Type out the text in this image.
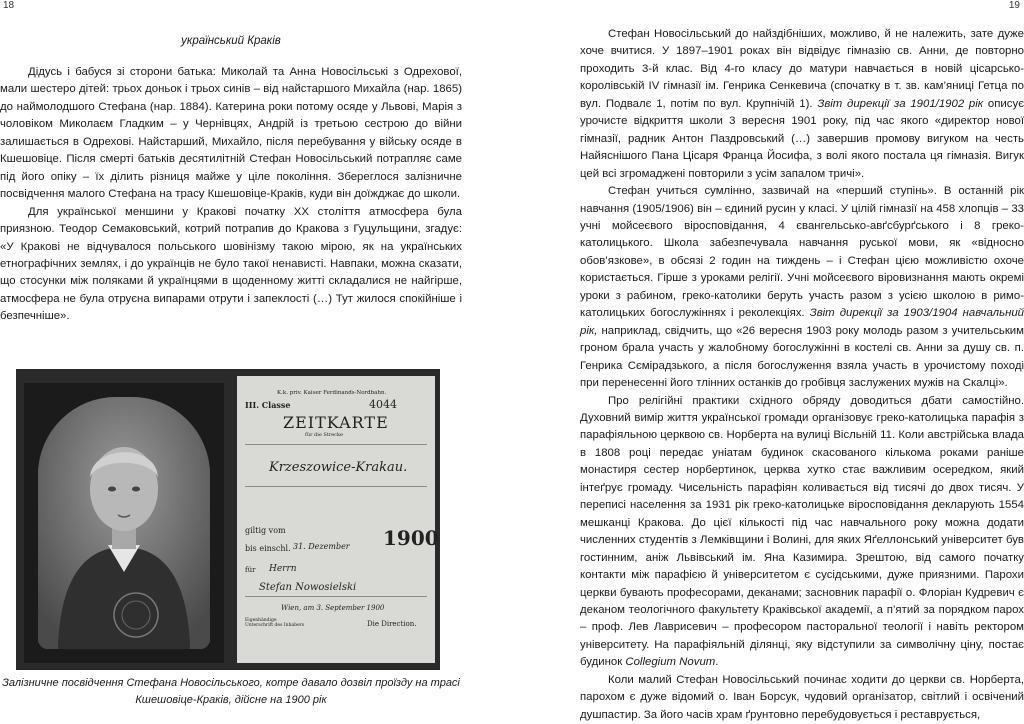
18
український Краків

Дідусь і бабуся зі сторони батька: Миколай та Анна Новосільські з Одрехової, мали шестеро дітей: трьох доньок і трьох синів – від найстаршого Михайла (нар. 1865) до наймолодшого Стефана (нар. 1884). Катерина роки потому осяде у Львові, Марія з чоловіком Миколаєм Гладким – у Чернівцях, Андрій із третьою сестрою до війни залишається в Одрехові. Найстарший, Михайло, після перебування у війську осяде в Кшешовіце. Після смерті батьків десятилітній Стефан Новосільський потрапляє саме під його опіку – їх ділить різниця майже у ціле покоління. Збереглося залізничне посвідчення малого Стефана на трасу Кшешовіце-Краків, куди він доїжджає до школи.

Для української меншини у Кракові початку XX століття атмосфера була приязною. Теодор Семаковський, котрий потрапив до Кракова з Гуцульщини, згадує: «У Кракові не відчувалося польського шовінізму такою мірою, як на українських етнографічних землях, і до українців не було такої ненависті. Навпаки, можна сказати, що стосунки між поляками й українцями в щоденному житті складалися не найгірше, атмосфера не була отруєна випарами отрути і запеклості (…) Тут жилося спокійніше і безпечніше».

K.k. priv. Kaiser Ferdinands-Nordbahn.
III. Classe	4044
ZEITKARTE
für die Strecke
Krzeszowice-Krakau.
giltig vom
bis einschl. 31. Dezember 1900
für Herrn
Stefan Nowosielski
Wien, am 3. September 1900
Eigenhändige Unterschrift des Inhabers	Die Direction.
Залізничне посвідчення Стефана Новосільського, котре давало дозвіл проїзду на трасі Кшешовіце-Краків, дійсне на 1900 рік
19

Стефан Новосільський до найздібніших, можливо, й не належить, зате дуже хоче вчитися. У 1897–1901 роках він відвідує гімназію св. Анни, де повторно проходить 3-й клас. Від 4-го класу до матури навчається в новій цісарсько-королівській IV гімназії ім. Генрика Сенкевича (спочатку в т. зв. кам’яниці Гетца по вул. Подвалє 1, потім по вул. Крупнічій 1). Звіт дирекції за 1901/1902 рік описує урочисте відкриття школи 3 вересня 1901 року, під час якого «директор нової гімназії, радник Антон Паздровський (…) завершив промову вигуком на честь Найяснішого Пана Цісаря Франца Йосифа, з волі якого постала ця гімназія. Вигук цей всі згромаджені повторили з усім запалом тричі».

Стефан учиться сумлінно, зазвичай на «перший ступінь». В останній рік навчання (1905/1906) він – єдиний русин у класі. У цілій гімназії на 458 хлопців – 33 учні мойсеєвого віросповідання, 4 євангельсько-авґсбурґського і 8 греко-католицького. Школа забезпечувала навчання руської мови, як «відносно обов’язкове», в обсязі 2 годин на тиждень – і Стефан цією можливістю охоче користається. Гірше з уроками релігії. Учні мойсеєвого віровизнання мають окремі уроки з рабином, греко-католики беруть участь разом з усією школою в римо-католицьких богослужіннях і реколекціях. Звіт дирекції за 1903/1904 навчальний рік, наприклад, свідчить, що «26 вересня 1903 року молодь разом з учительським гроном брала участь у жалобному богослужінні в костелі св. Анни за душу св. п. Генрика Сємірадзького, а після богослуження взяла участь в урочистому поході при перенесенні його тлінних останків до гробівця заслужених мужів на Скалці».

Про релігійні практики східного обряду доводиться дбати самостійно. Духовний вимір життя української громади організовує греко-католицька парафія з парафіяльною церквою св. Норберта на вулиці Вісльній 11. Коли австрійська влада в 1808 році передає уніатам будинок скасованого кількома роками раніше монастиря сестер норбертинок, церква хутко стає важливим осередком, який інтеґрує громаду. Чисельність парафіян коливається від тисячі до двох тисяч. У переписі населення за 1931 рік греко-католицьке віросповідання декларують 1554 мешканці Кракова. До цієї кількості під час навчального року можна додати численних студентів з Лемківщини і Волині, для яких Яґеллонський університет був гостинним, аніж Львівський ім. Яна Казимира. Зрештою, від самого початку контакти між парафією й університетом є сусідськими, дуже приязними. Парохи церкви бувають професорами, деканами; засновник парафії о. Флоріан Кудревич є деканом теологічного факультету Краківської академії, а п’ятий за порядком парох – проф. Лев Лаврисевич – професором пасторальної теології і навіть ректором університету. На парафіяльній ділянці, яку відступили за символічну ціну, постає будинок Collegium Novum.

Коли малий Стефан Новосільський починає ходити до церкви св. Норберта, парохом є дуже відомий о. Іван Борсук, чудовий організатор, світлий і освічений душпастир. За його часів храм ґрунтовно перебудовується і реставрується,
